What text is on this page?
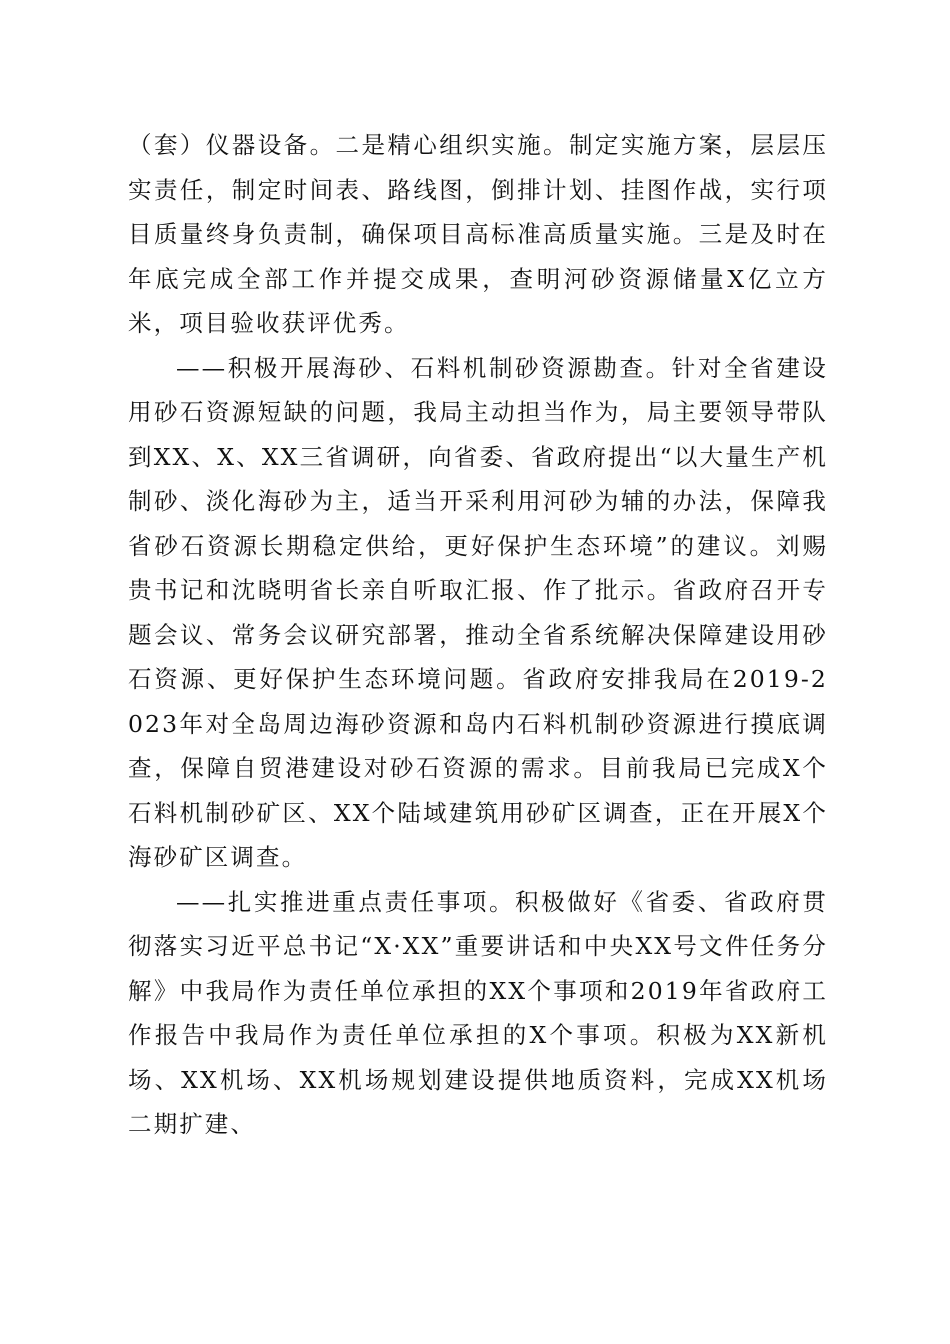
（套）仪器设备。二是精心组织实施。制定实施方案，层层压实责任，制定时间表、路线图，倒排计划、挂图作战，实行项目质量终身负责制，确保项目高标准高质量实施。三是及时在年底完成全部工作并提交成果，查明河砂资源储量X亿立方米，项目验收获评优秀。

——积极开展海砂、石料机制砂资源勘查。针对全省建设用砂石资源短缺的问题，我局主动担当作为，局主要领导带队到XX、X、XX三省调研，向省委、省政府提出“以大量生产机制砂、淡化海砂为主，适当开采利用河砂为辅的办法，保障我省砂石资源长期稳定供给，更好保护生态环境”的建议。刘赐贵书记和沈晓明省长亲自听取汇报、作了批示。省政府召开专题会议、常务会议研究部署，推动全省系统解决保障建设用砂石资源、更好保护生态环境问题。省政府安排我局在2019-2023年对全岛周边海砂资源和岛内石料机制砂资源进行摸底调查，保障自贸港建设对砂石资源的需求。目前我局已完成X个石料机制砂矿区、XX个陆域建筑用砂矿区调查，正在开展X个海砂矿区调查。

——扎实推进重点责任事项。积极做好《省委、省政府贯彻落实习近平总书记“X·XX”重要讲话和中央XX号文件任务分解》中我局作为责任单位承担的XX个事项和2019年省政府工作报告中我局作为责任单位承担的X个事项。积极为XX新机场、XX机场、XX机场规划建设提供地质资料，完成XX机场二期扩建、
